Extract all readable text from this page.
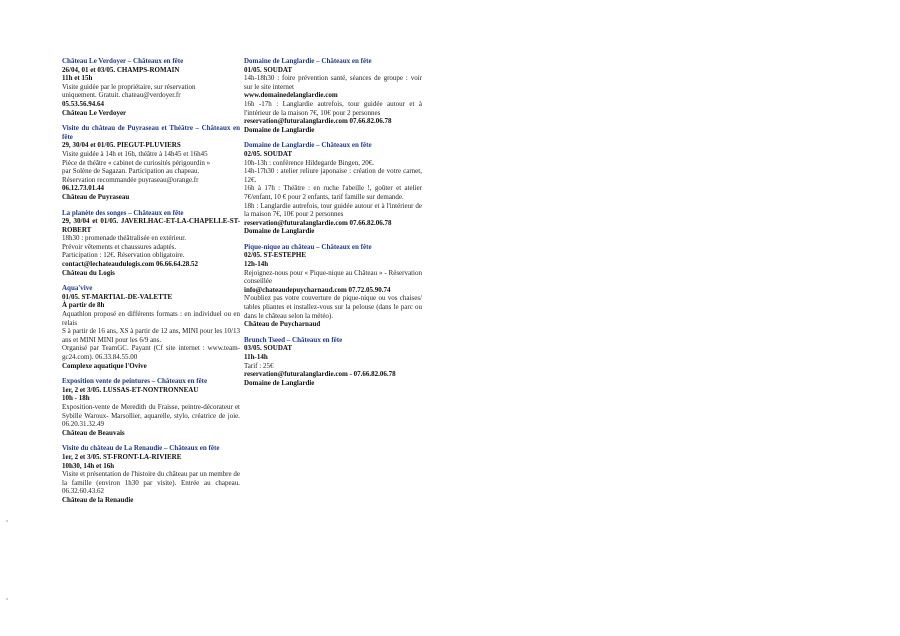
Château Le Verdoyer – Châteaux en fête
26/04, 01 et 03/05. CHAMPS-ROMAIN
11h et 15h
Visite guidée par le propriétaire, sur réservation
uniquement. Gratuit. chateau@verdoyer.fr
05.53.56.94.64
Château Le Verdoyer
Visite du château de Puyraseau et Théâtre – Châteaux en fête
29, 30/04 et 01/05. PIEGUT-PLUVIERS
Visite guidée à 14h et 16h, théâtre à 14h45 et 16h45
Pièce de théâtre « cabinet de curiosités périgourdin »
par Solène de Sagazan. Participation au chapeau.
Réservation recommandée puyraseau@orange.fr
06.12.73.01.44
Château de Puyraseau
La planète des songes – Châteaux en fête
29, 30/04 et 01/05. JAVERLHAC-ET-LA-CHAPELLE-ST-ROBERT
18h30 : promenade théâtralisée en extérieur.
Prévoir vêtements et chaussures adaptés.
Participation : 12€. Réservation obligatoire.
contact@lechateaudulogis.com 06.66.64.28.52
Château du Logis
Aqua'vive
01/05. ST-MARTIAL-DE-VALETTE
À partir de 8h
Aquathlon proposé en différents formats : en individuel ou en relais
S à partir de 16 ans, XS à partir de 12 ans, MINI pour les 10/13 ans et MINI MINI pour les 6/9 ans.
Organisé par TeamGC. Payant (Cf site internet : www.team-gc24.com). 06.33.84.55.00
Complexe aquatique l'Ovive
Exposition vente de peintures – Châteaux en fête
1er, 2 et 3/05. LUSSAS-ET-NONTRONNEAU
10h - 18h
Exposition-vente de Meredith du Fraisse, peintre-décorateur et Sybille Waroux- Marsollier, aquarelle, stylo, créatrice de joie. 06.20.31.32.49
Château de Beauvais
Visite du château de La Renaudie – Châteaux en fête
1er, 2 et 3/05. ST-FRONT-LA-RIVIERE
10h30, 14h et 16h
Visite et présentation de l'histoire du château par un membre de la famille (environ 1h30 par visite). Entrée au chapeau. 06.32.60.43.62
Château de la Renaudie
Domaine de Langlardie – Châteaux en fête
01/05. SOUDAT
14h-18h30 : foire prévention santé, séances de groupe : voir sur le site internet
www.domainedelanglardie.com
16h -17h : Langlardie autrefois, tour guidée autour et à l'intérieur de la maison 7€, 10€ pour 2 personnes
reservation@futuralanglardie.com 07.66.82.06.78
Domaine de Langlardie
Domaine de Langlardie – Châteaux en fête
02/05. SOUDAT
10h-13h : conférence Hildegarde Bingen, 20€.
14h-17h30 : atelier reliure japonaise : création de votre carnet, 12€.
16h à 17h : Théâtre : en ruche l'abeille !, goûter et atelier 7€/enfant, 10 € pour 2 enfants, tarif famille sur demande.
18h : Langlardie autrefois, tour guidée autour et à l'intérieur de la maison 7€, 10€ pour 2 personnes
reservation@futuralanglardie.com 07.66.82.06.78
Domaine de Langlardie
Pique-nique au château – Châteaux en fête
02/05. ST-ESTEPHE
12h-14h
Rejoignez-nous pour « Pique-nique au Château » - Réservation conseillée
info@chateaudepuycharnaud.com 07.72.05.90.74
N'oubliez pas votre couverture de pique-nique ou vos chaises/ tables pliantes et installez-vous sur la pelouse (dans le parc ou dans le château selon la météo).
Château de Puycharnaud
Brunch Tseed – Châteaux en fête
03/05. SOUDAT
11h-14h
Tarif : 25€
reservation@futuralanglardie.com - 07.66.82.06.78
Domaine de Langlardie
